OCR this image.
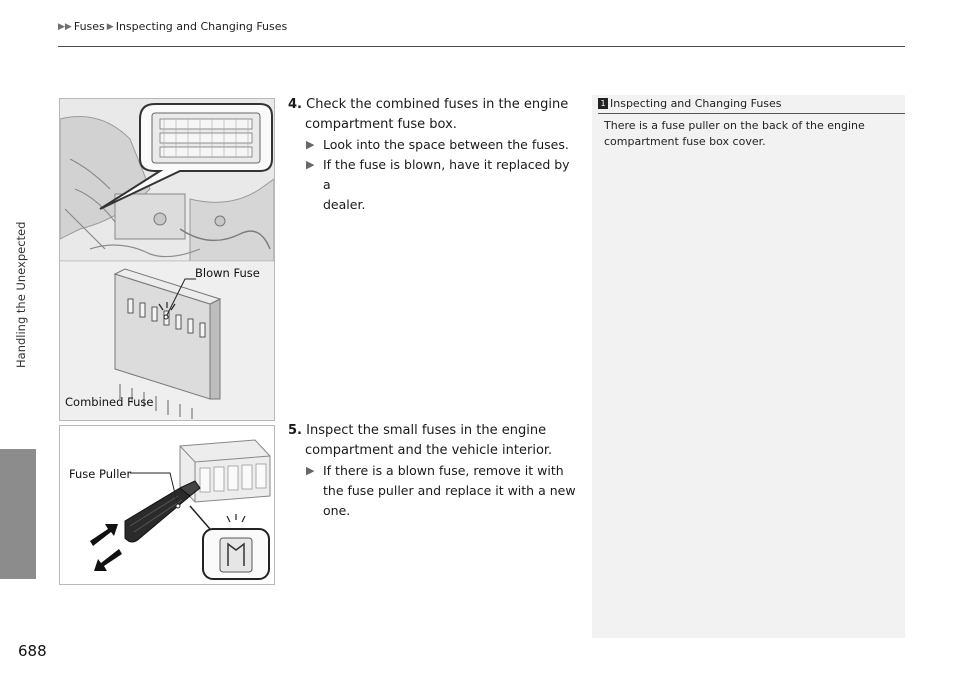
▶▶ Fuses ▶ Inspecting and Changing Fuses
Handling the Unexpected
688
Blown Fuse
Combined Fuse
Fuse Puller
4. Check the combined fuses in the engine
compartment fuse box.
▶ Look into the space between the fuses.
▶ If the fuse is blown, have it replaced by a
dealer.
5. Inspect the small fuses in the engine
compartment and the vehicle interior.
▶ If there is a blown fuse, remove it with
the fuse puller and replace it with a new
one.
1 Inspecting and Changing Fuses
There is a fuse puller on the back of the engine
compartment fuse box cover.
